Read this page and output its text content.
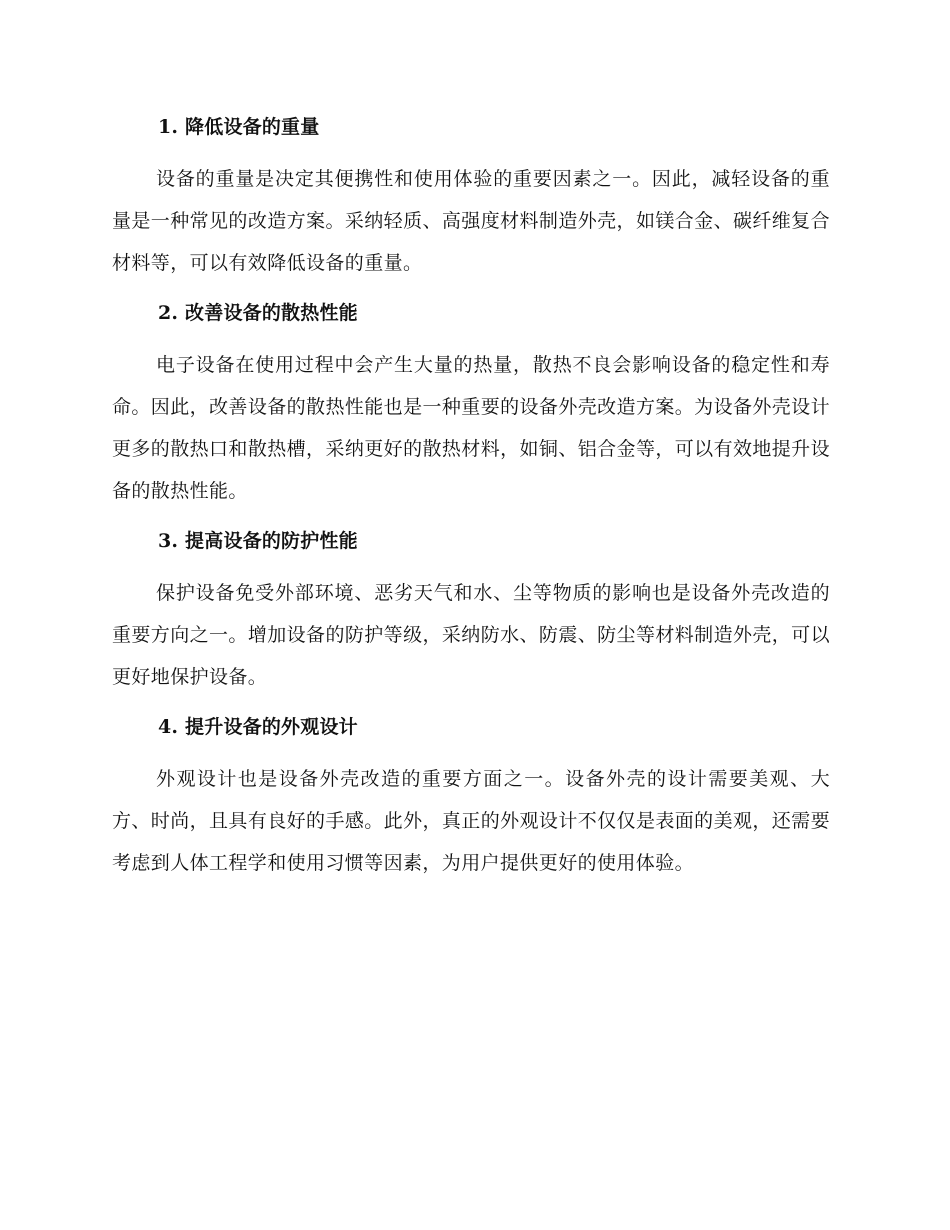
1. 降低设备的重量

设备的重量是决定其便携性和使用体验的重要因素之一。因此，减轻设备的重量是一种常见的改造方案。采纳轻质、高强度材料制造外壳，如镁合金、碳纤维复合材料等，可以有效降低设备的重量。

2. 改善设备的散热性能

电子设备在使用过程中会产生大量的热量，散热不良会影响设备的稳定性和寿命。因此，改善设备的散热性能也是一种重要的设备外壳改造方案。为设备外壳设计更多的散热口和散热槽，采纳更好的散热材料，如铜、铝合金等，可以有效地提升设备的散热性能。

3. 提高设备的防护性能

保护设备免受外部环境、恶劣天气和水、尘等物质的影响也是设备外壳改造的重要方向之一。增加设备的防护等级，采纳防水、防震、防尘等材料制造外壳，可以更好地保护设备。

4. 提升设备的外观设计

外观设计也是设备外壳改造的重要方面之一。设备外壳的设计需要美观、大方、时尚，且具有良好的手感。此外，真正的外观设计不仅仅是表面的美观，还需要考虑到人体工程学和使用习惯等因素，为用户提供更好的使用体验。
